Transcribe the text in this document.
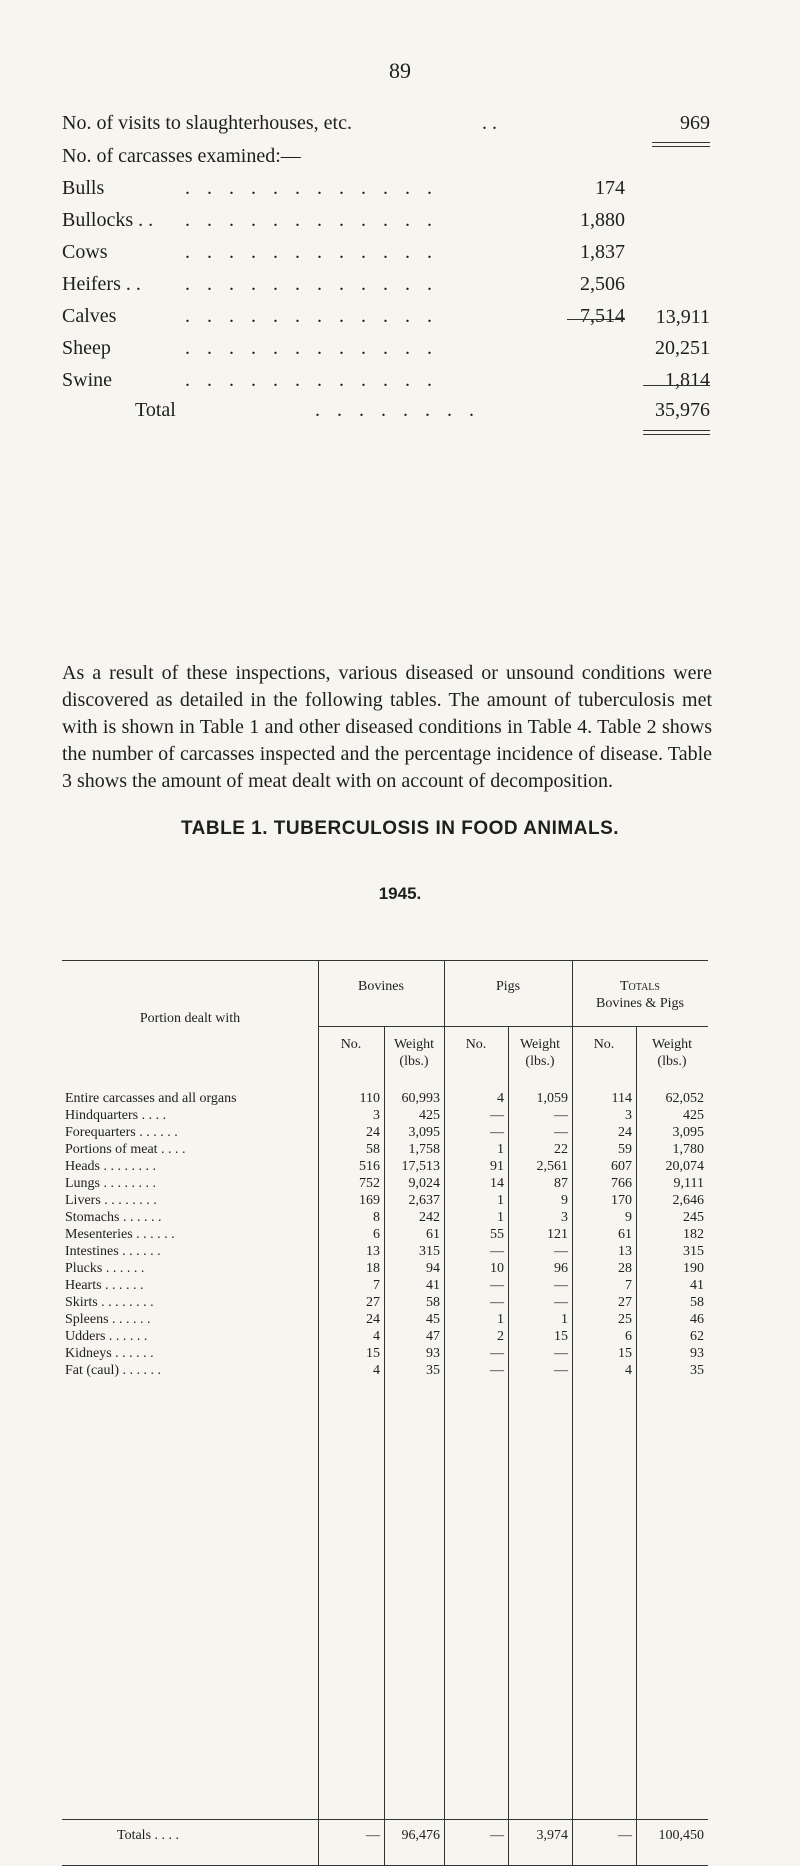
89
No. of visits to slaughterhouses, etc.	. .	969
No. of carcasses examined:—
Bulls	. . . . . . . . . . . .	174
Bullocks . . . . . . . . . . . . . .	1,880
Cows	. . . . . . . . . . . .	1,837
Heifers . . . . . . . . . . . . . .	2,506
Calves	. . . . . . . . . . . .	7,514 13,911
Sheep	. . . . . . . . . . . .	20,251
Swine	. . . . . . . . . . . .	1,814
Total	. . . . . . . .	35,976
As a result of these inspections, various diseased or unsound conditions were discovered as detailed in the following tables. The amount of tuberculosis met with is shown in Table 1 and other diseased conditions in Table 4. Table 2 shows the number of carcasses inspected and the percentage incidence of disease. Table 3 shows the amount of meat dealt with on account of decomposition.
TABLE 1. TUBERCULOSIS IN FOOD ANIMALS.
1945.
Portion dealt with
Bovines	Pigs	Totals
Bovines & Pigs
No.	Weight
(lbs.)
No.	Weight
(lbs.)
No.	Weight
(lbs.)
Entire carcasses and all organs	110	60,993	4	1,059	114	62,052
Hindquarters . . . .	3	425	—	—	3	425
Forequarters . . . . . .	24	3,095	—	—	24	3,095
Portions of meat . . . .	58	1,758	1	22	59	1,780
Heads . . . . . . . .	516	17,513	91	2,561	607	20,074
Lungs . . . . . . . .	752	9,024	14	87	766	9,111
Livers . . . . . . . .	169	2,637	1	9	170	2,646
Stomachs . . . . . .	8	242	1	3	9	245
Mesenteries . . . . . .	6	61	55	121	61	182
Intestines . . . . . .	13	315	—	—	13	315
Plucks . . . . . .	18	94	10	96	28	190
Hearts . . . . . .	7	41	—	—	7	41
Skirts . . . . . . . .	27	58	—	—	27	58
Spleens . . . . . .	24	45	1	1	25	46
Udders . . . . . .	4	47	2	15	6	62
Kidneys . . . . . .	15	93	—	—	15	93
Fat (caul) . . . . . .	4	35	—	—	4	35
Totals . . . .	—	96,476	—	3,974	—	100,450
